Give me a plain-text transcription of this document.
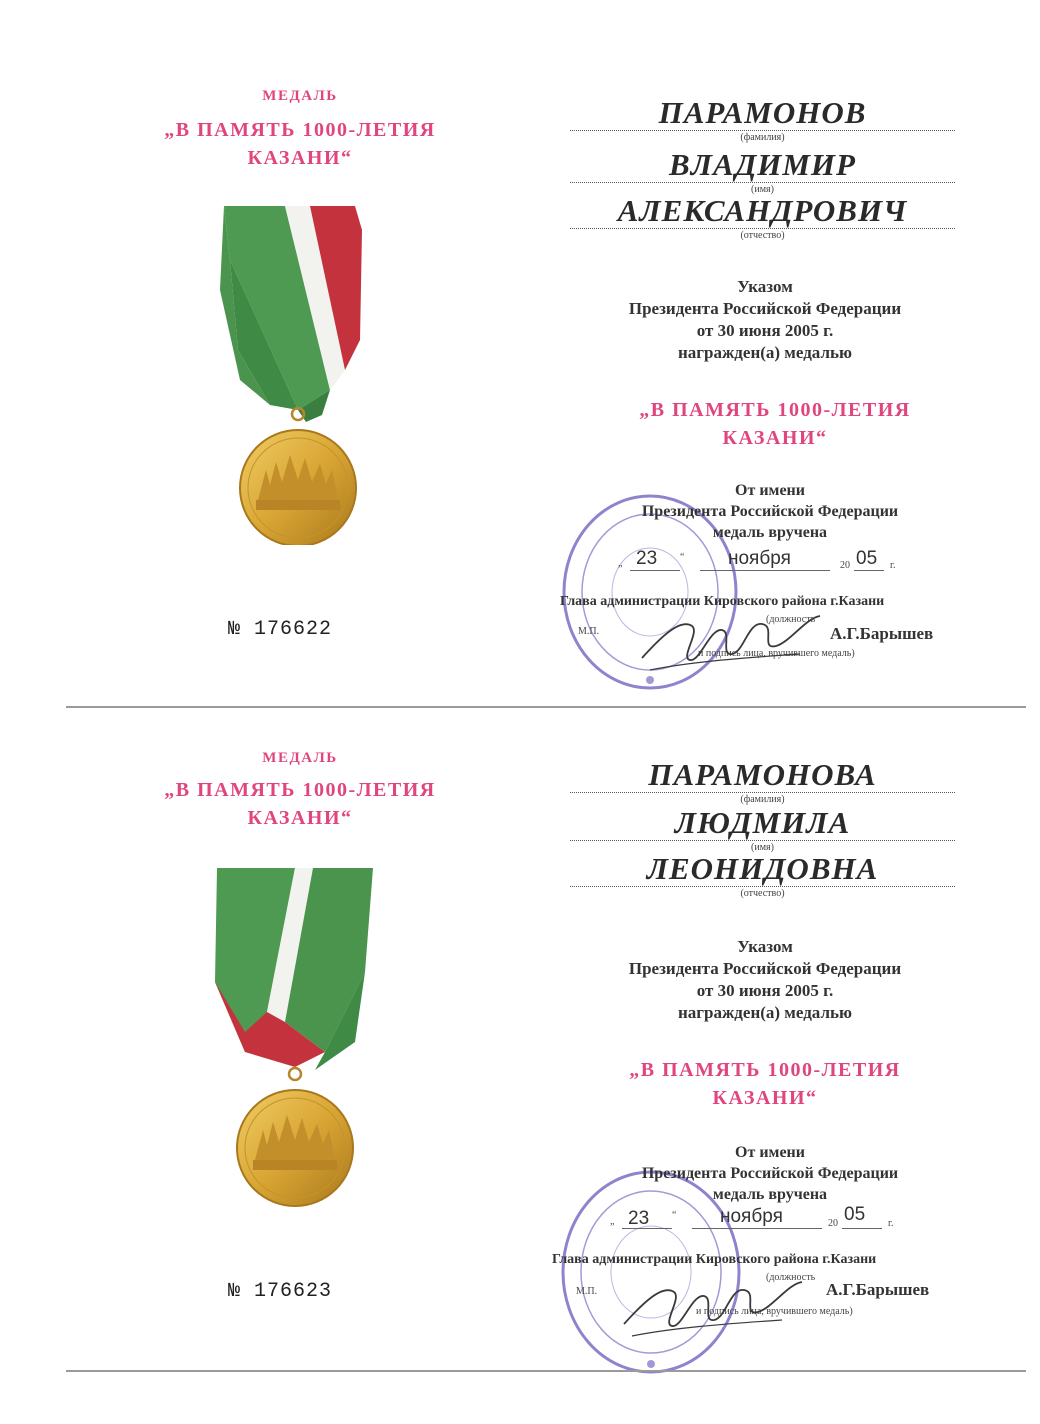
МЕДАЛЬ
„В ПАМЯТЬ 1000-ЛЕТИЯ
КАЗАНИ“
№ 176622
ПАРАМОНОВ
(фамилия)
ВЛАДИМИР
(имя)
АЛЕКСАНДРОВИЧ
(отчество)
Указом
Президента Российской Федерации
от 30 июня 2005 г.
награжден(а) медалью
„В ПАМЯТЬ 1000-ЛЕТИЯ
КАЗАНИ“
От имени
Президента Российской Федерации
медаль вручена
„ 23 “ ноября	20 05 г.
Глава администрации Кировского района г.Казани
(должность
М.П.	А.Г.Барышев
и подпись лица, вручившего медаль)
МЕДАЛЬ
„В ПАМЯТЬ 1000-ЛЕТИЯ
КАЗАНИ“
№ 176623
ПАРАМОНОВА
(фамилия)
ЛЮДМИЛА
(имя)
ЛЕОНИДОВНА
(отчество)
Указом
Президента Российской Федерации
от 30 июня 2005 г.
награжден(а) медалью
„В ПАМЯТЬ 1000-ЛЕТИЯ
КАЗАНИ“
От имени
Президента Российской Федерации
медаль вручена
„ 23 “ ноября	20 05 г.
Глава администрации Кировского района г.Казани
(должность
М.П.	А.Г.Барышев
и подпись лица, вручившего медаль)
